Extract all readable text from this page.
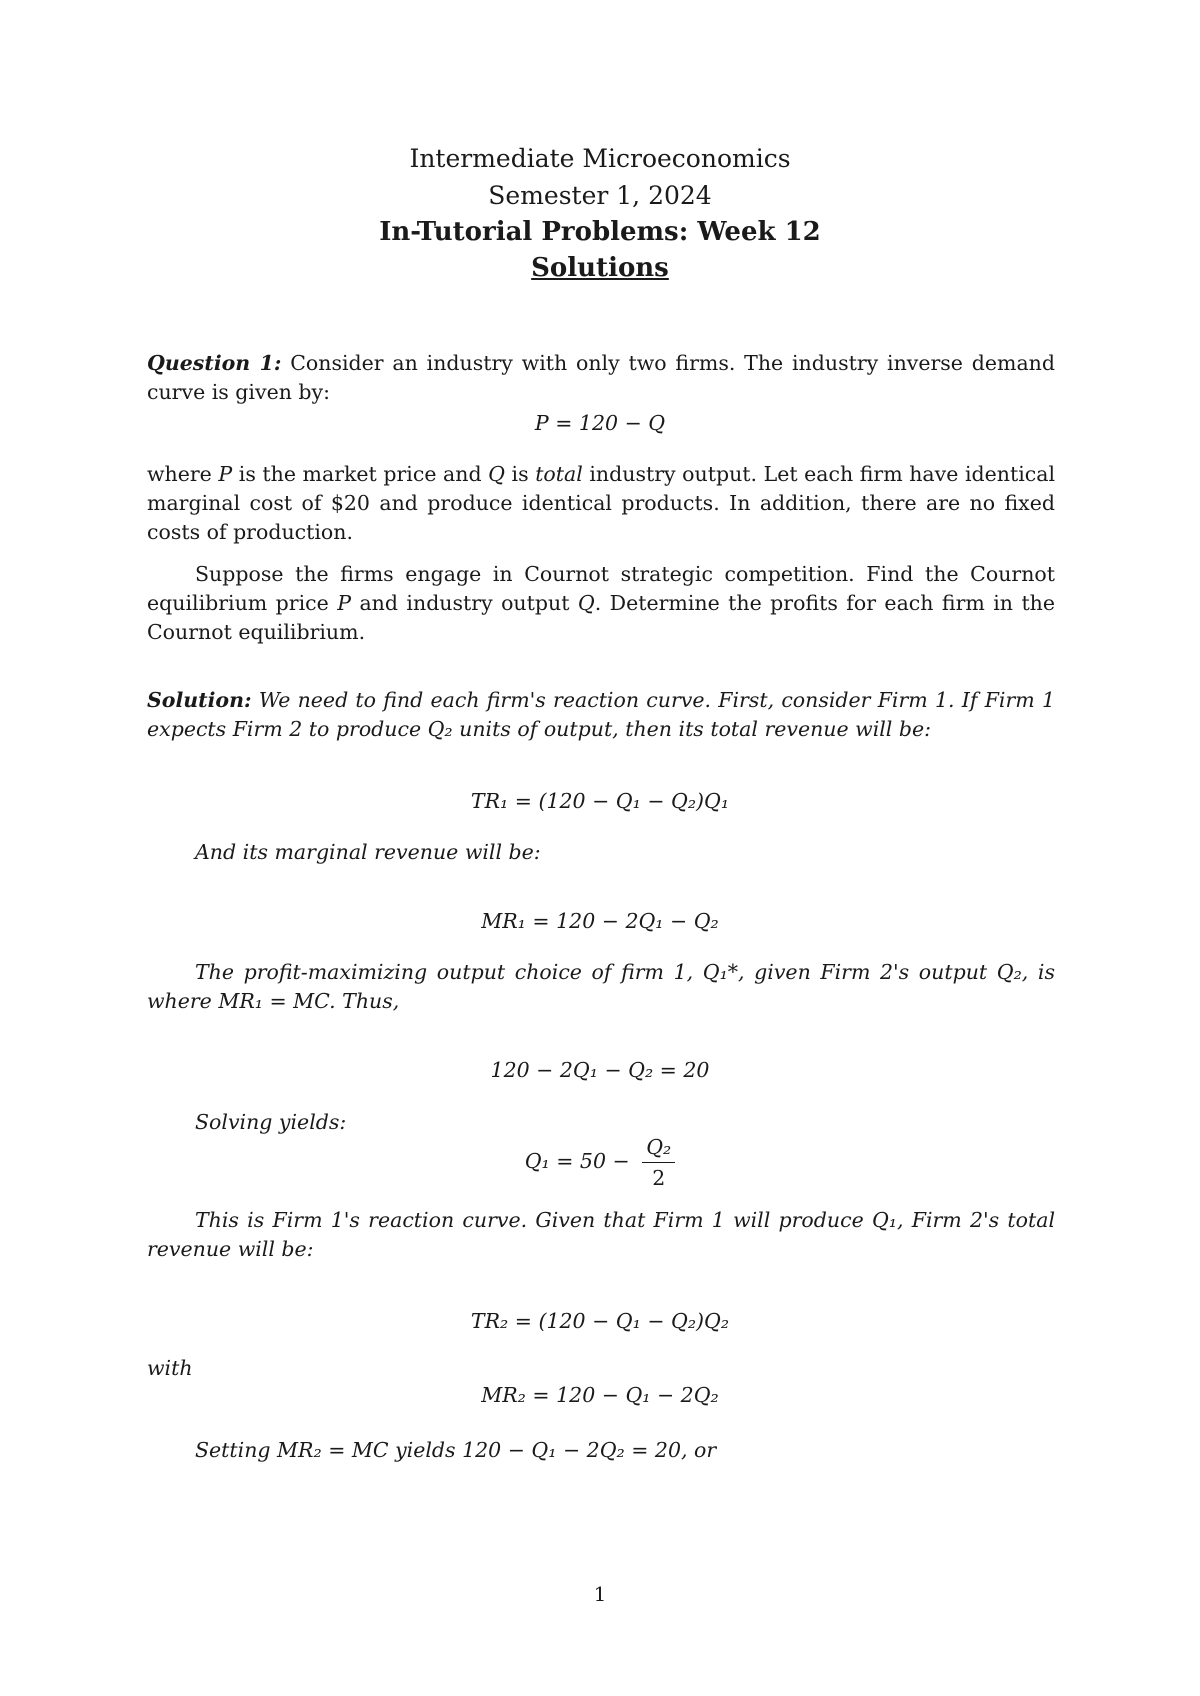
Intermediate Microeconomics
Semester 1, 2024
In-Tutorial Problems: Week 12
Solutions
Question 1: Consider an industry with only two firms. The industry inverse demand curve is given by:
P = 120 − Q
where P is the market price and Q is total industry output. Let each firm have identical marginal cost of $20 and produce identical products. In addition, there are no fixed costs of production.
Suppose the firms engage in Cournot strategic competition. Find the Cournot equilibrium price P and industry output Q. Determine the profits for each firm in the Cournot equilibrium.
Solution: We need to find each firm's reaction curve. First, consider Firm 1. If Firm 1 expects Firm 2 to produce Q₂ units of output, then its total revenue will be:
TR₁ = (120 − Q₁ − Q₂)Q₁
And its marginal revenue will be:
MR₁ = 120 − 2Q₁ − Q₂
The profit-maximizing output choice of firm 1, Q₁*, given Firm 2's output Q₂, is where MR₁ = MC. Thus,
120 − 2Q₁ − Q₂ = 20
Solving yields:
$Q_1 = 50 - \frac{\text{Q₂}}{2}$
This is Firm 1's reaction curve. Given that Firm 1 will produce Q₁, Firm 2's total revenue will be:
TR₂ = (120 − Q₁ − Q₂)Q₂
with
MR₂ = 120 − Q₁ − 2Q₂
Setting MR₂ = MC yields 120 − Q₁ − 2Q₂ = 20, or
1
